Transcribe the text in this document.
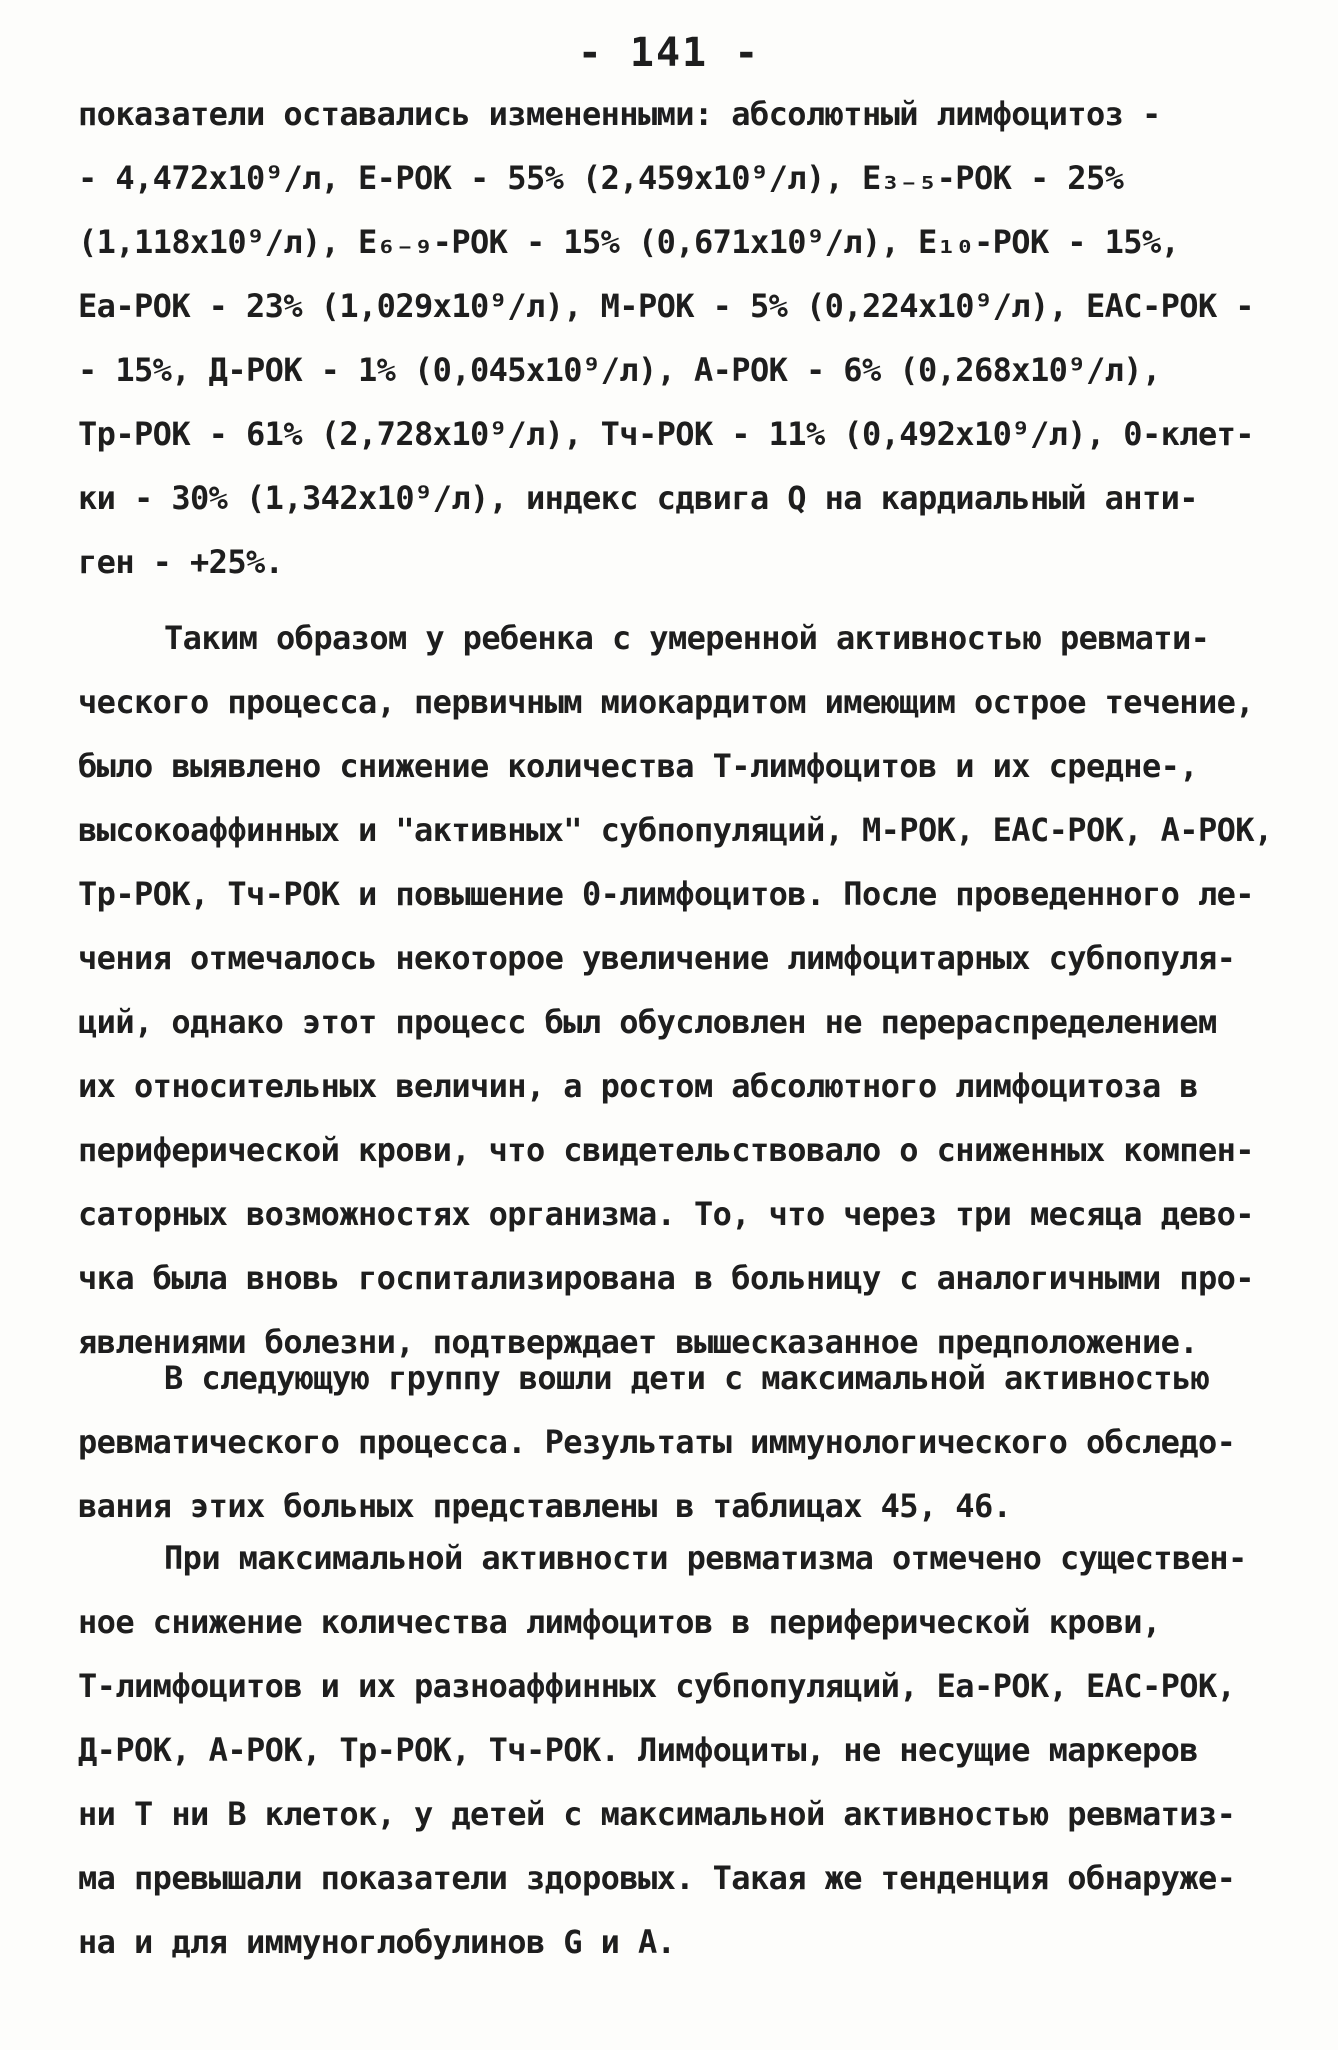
- 141 -
показатели оставались измененными: абсолютный лимфоцитоз -
- 4,472x10⁹/л, Е-РОК - 55% (2,459x10⁹/л), Е₃₋₅-РОК - 25%
(1,118x10⁹/л), Е₆₋₉-РОК - 15% (0,671x10⁹/л), Е₁₀-РОК - 15%,
Еа-РОК - 23% (1,029x10⁹/л), М-РОК - 5% (0,224x10⁹/л), ЕАС-РОК -
- 15%, Д-РОК - 1% (0,045x10⁹/л), А-РОК - 6% (0,268x10⁹/л),
Тр-РОК - 61% (2,728x10⁹/л), Тч-РОК - 11% (0,492x10⁹/л), 0-клет-
ки - 30% (1,342x10⁹/л), индекс сдвига Q на кардиальный анти-
ген - +25%.
Таким образом у ребенка с умеренной активностью ревмати-
ческого процесса, первичным миокардитом имеющим острое течение,
было выявлено снижение количества Т-лимфоцитов и их средне-,
высокоаффинных и "активных" субпопуляций, М-РОК, ЕАС-РОК, А-РОК,
Тр-РОК, Тч-РОК и повышение 0-лимфоцитов. После проведенного ле-
чения отмечалось некоторое увеличение лимфоцитарных субпопуля-
ций, однако этот процесс был обусловлен не перераспределением
их относительных величин, а ростом абсолютного лимфоцитоза в
периферической крови, что свидетельствовало о сниженных компен-
саторных возможностях организма. То, что через три месяца дево-
чка была вновь госпитализирована в больницу с аналогичными про-
явлениями болезни, подтверждает вышесказанное предположение.
В следующую группу вошли дети с максимальной активностью
ревматического процесса. Результаты иммунологического обследо-
вания этих больных представлены в таблицах 45, 46.
При максимальной активности ревматизма отмечено существен-
ное снижение количества лимфоцитов в периферической крови,
Т-лимфоцитов и их разноаффинных субпопуляций, Еа-РОК, ЕАС-РОК,
Д-РОК, А-РОК, Тр-РОК, Тч-РОК. Лимфоциты, не несущие маркеров
ни Т ни В клеток, у детей с максимальной активностью ревматиз-
ма превышали показатели здоровых. Такая же тенденция обнаруже-
на и для иммуноглобулинов G и А.
